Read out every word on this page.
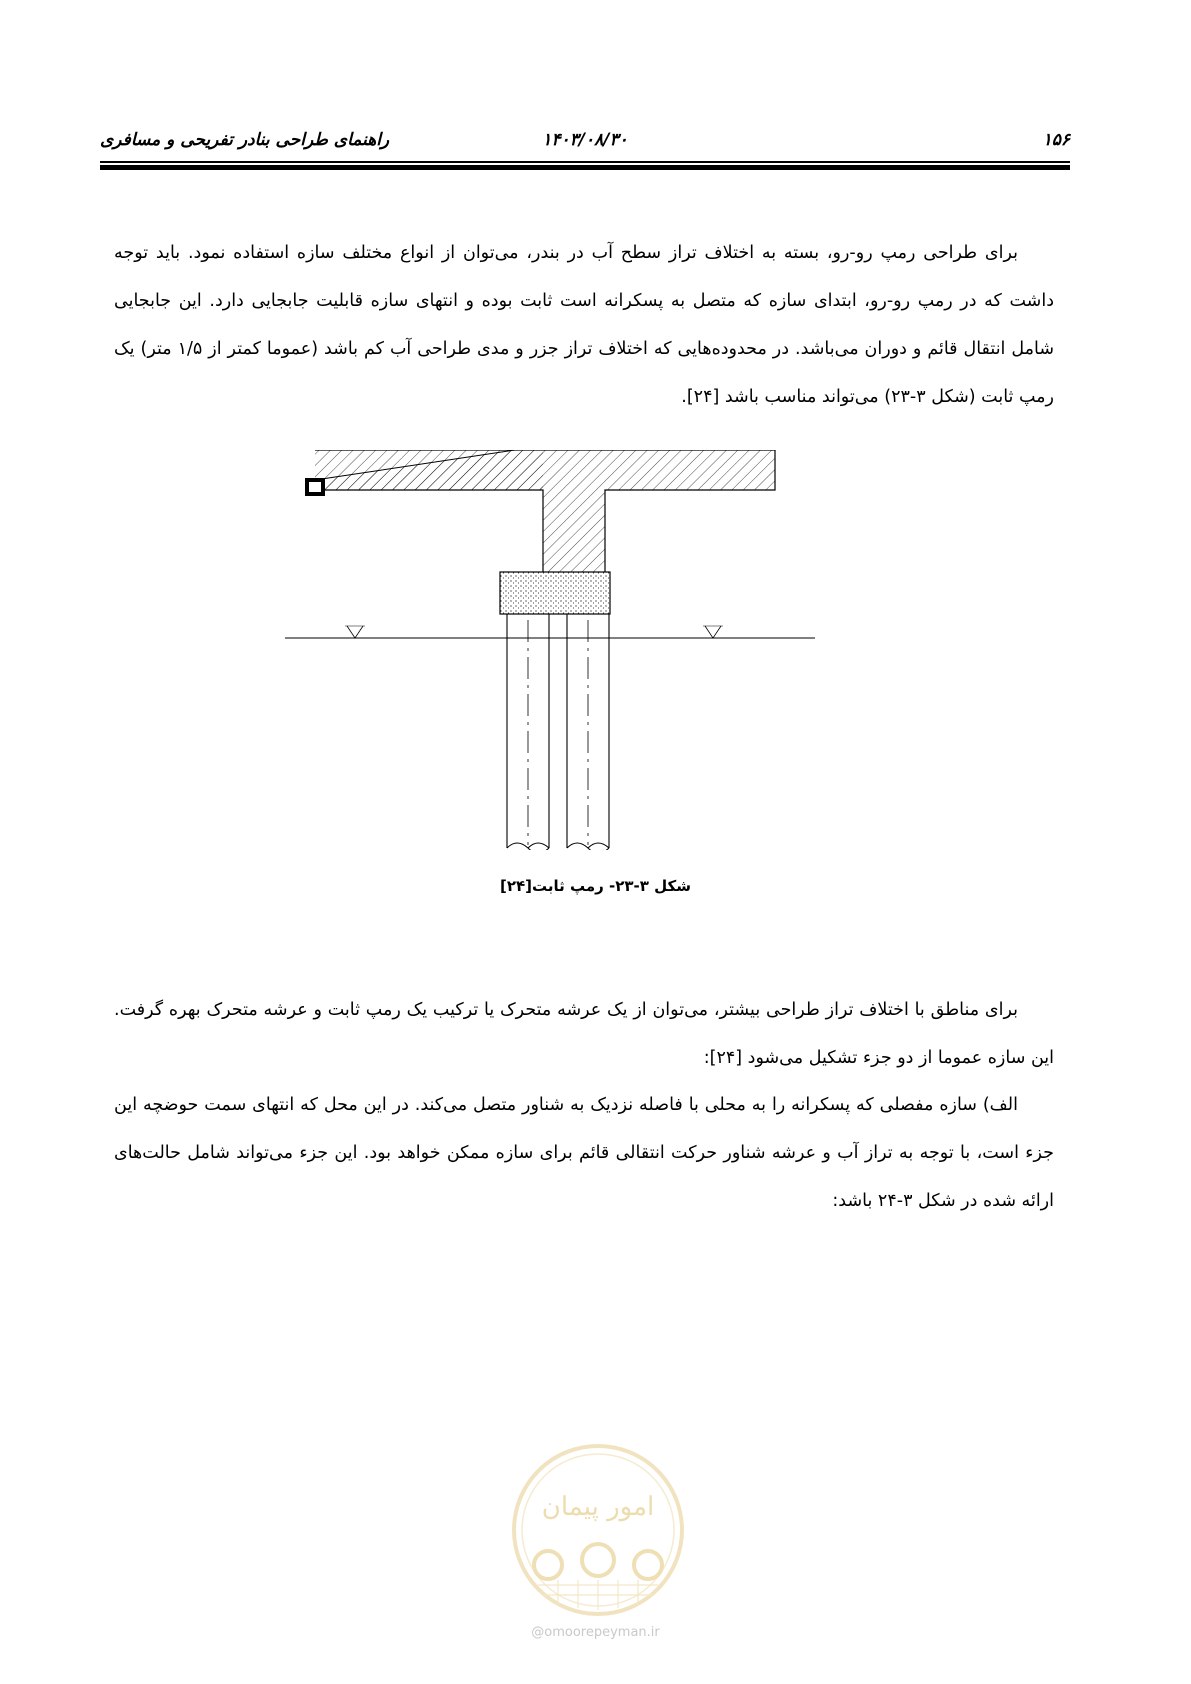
۱۵۶
۱۴۰۳/۰۸/۳۰
راهنمای طراحی بنادر تفریحی و مسافری

برای طراحی رمپ رو-رو، بسته به اختلاف تراز سطح آب در بندر، می‌توان از انواع مختلف سازه استفاده نمود. باید توجه داشت که در رمپ رو-رو، ابتدای سازه که متصل به پسکرانه است ثابت بوده و انتهای سازه قابلیت جابجایی دارد. این جابجایی شامل انتقال قائم و دوران می‌باشد. در محدوده‌هایی که اختلاف تراز جزر و مدی طراحی آب کم باشد (عموما کمتر از ۱/۵ متر) یک رمپ ثابت (شکل ۳-۲۳) می‌تواند مناسب باشد [۲۴].

شکل ۳-۲۳- رمپ ثابت[۲۴]

برای مناطق با اختلاف تراز طراحی بیشتر، می‌توان از یک عرشه متحرک یا ترکیب یک رمپ ثابت و عرشه متحرک بهره گرفت. این سازه عموما از دو جزء تشکیل می‌شود [۲۴]:

الف) سازه مفصلی که پسکرانه را به محلی با فاصله نزدیک به شناور متصل می‌کند. در این محل که انتهای سمت حوضچه این جزء است، با توجه به تراز آب و عرشه شناور حرکت انتقالی قائم برای سازه ممکن خواهد بود. این جزء می‌تواند شامل حالت‌های ارائه شده در شکل ۳-۲۴ باشد:

امور پیمان
@omoorepeyman.ir
